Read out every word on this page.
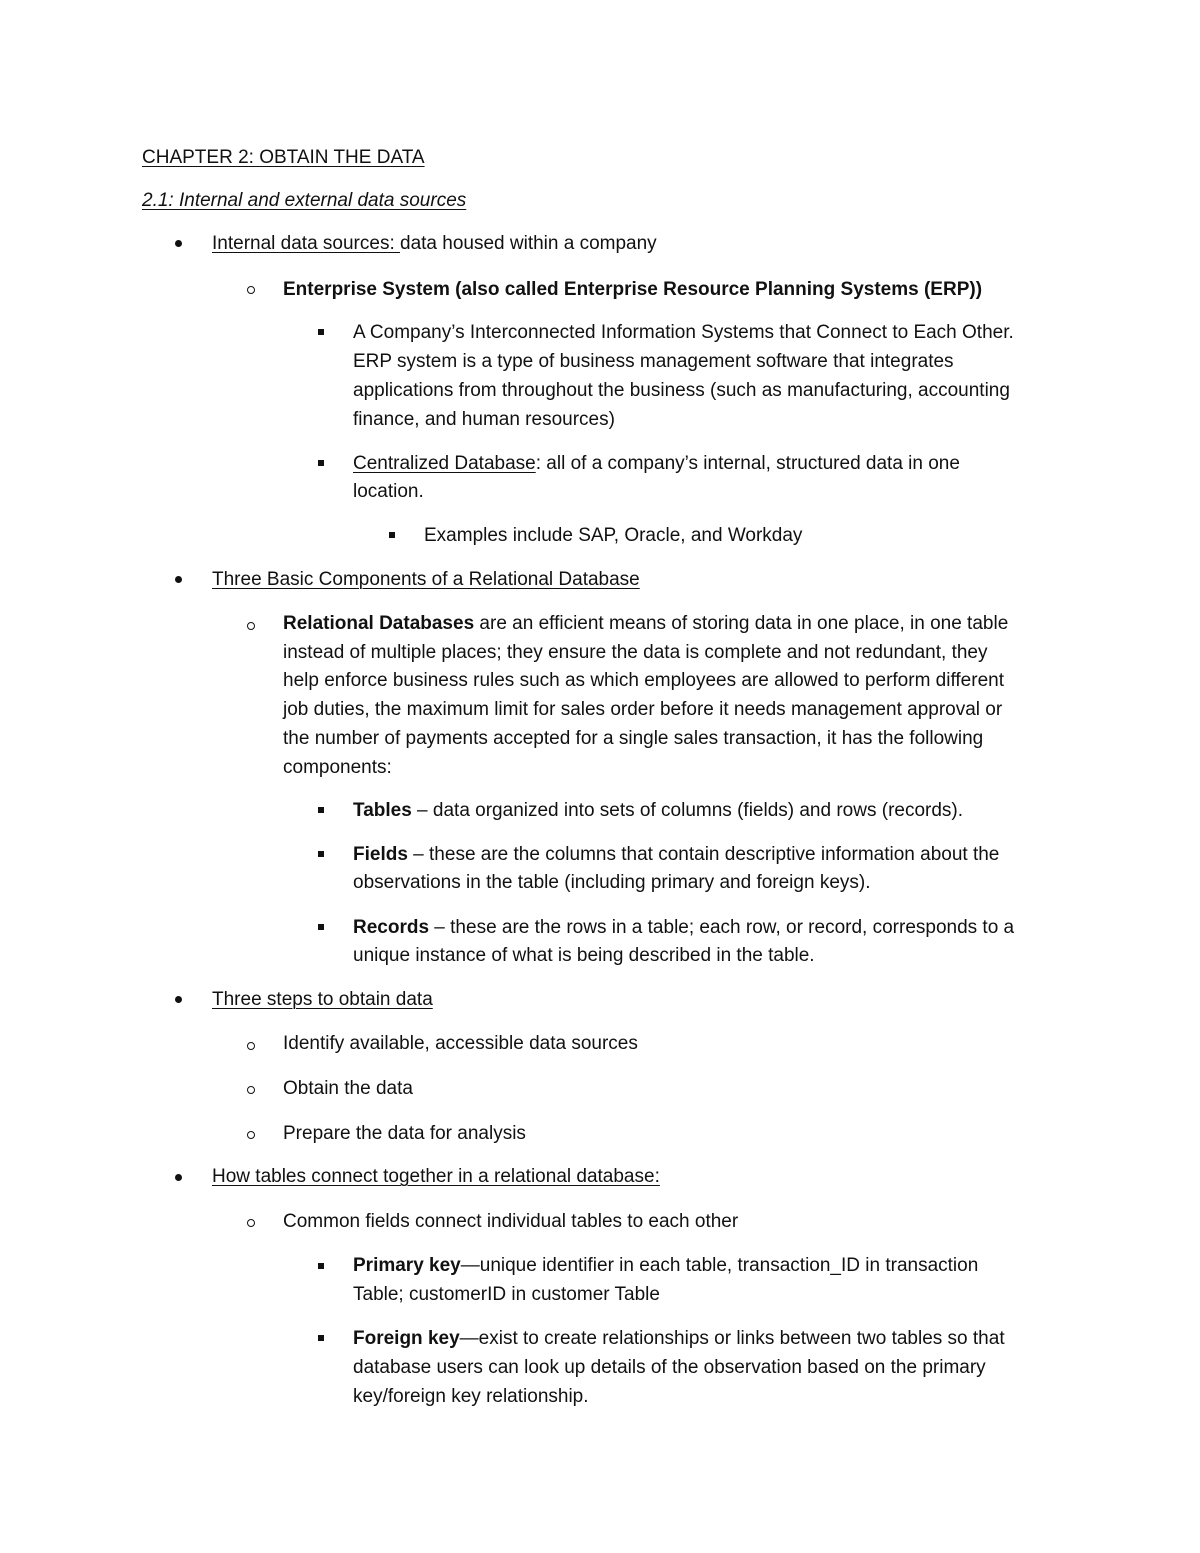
CHAPTER 2: OBTAIN THE DATA
2.1: Internal and external data sources
Internal data sources: data housed within a company
Enterprise System (also called Enterprise Resource Planning Systems (ERP))
A Company’s Interconnected Information Systems that Connect to Each Other.
ERP system is a type of business management software that integrates
applications from throughout the business (such as manufacturing, accounting
finance, and human resources)
Centralized Database: all of a company’s internal, structured data in one
location.
Examples include SAP, Oracle, and Workday
Three Basic Components of a Relational Database
Relational Databases are an efficient means of storing data in one place, in one table
instead of multiple places; they ensure the data is complete and not redundant, they
help enforce business rules such as which employees are allowed to perform different
job duties, the maximum limit for sales order before it needs management approval or
the number of payments accepted for a single sales transaction, it has the following
components:
Tables – data organized into sets of columns (fields) and rows (records).
Fields – these are the columns that contain descriptive information about the
observations in the table (including primary and foreign keys).
Records – these are the rows in a table; each row, or record, corresponds to a
unique instance of what is being described in the table.
Three steps to obtain data
Identify available, accessible data sources
Obtain the data
Prepare the data for analysis
How tables connect together in a relational database:
Common fields connect individual tables to each other
Primary key—unique identifier in each table, transaction_ID in transaction
Table; customerID in customer Table
Foreign key—exist to create relationships or links between two tables so that
database users can look up details of the observation based on the primary
key/foreign key relationship.
